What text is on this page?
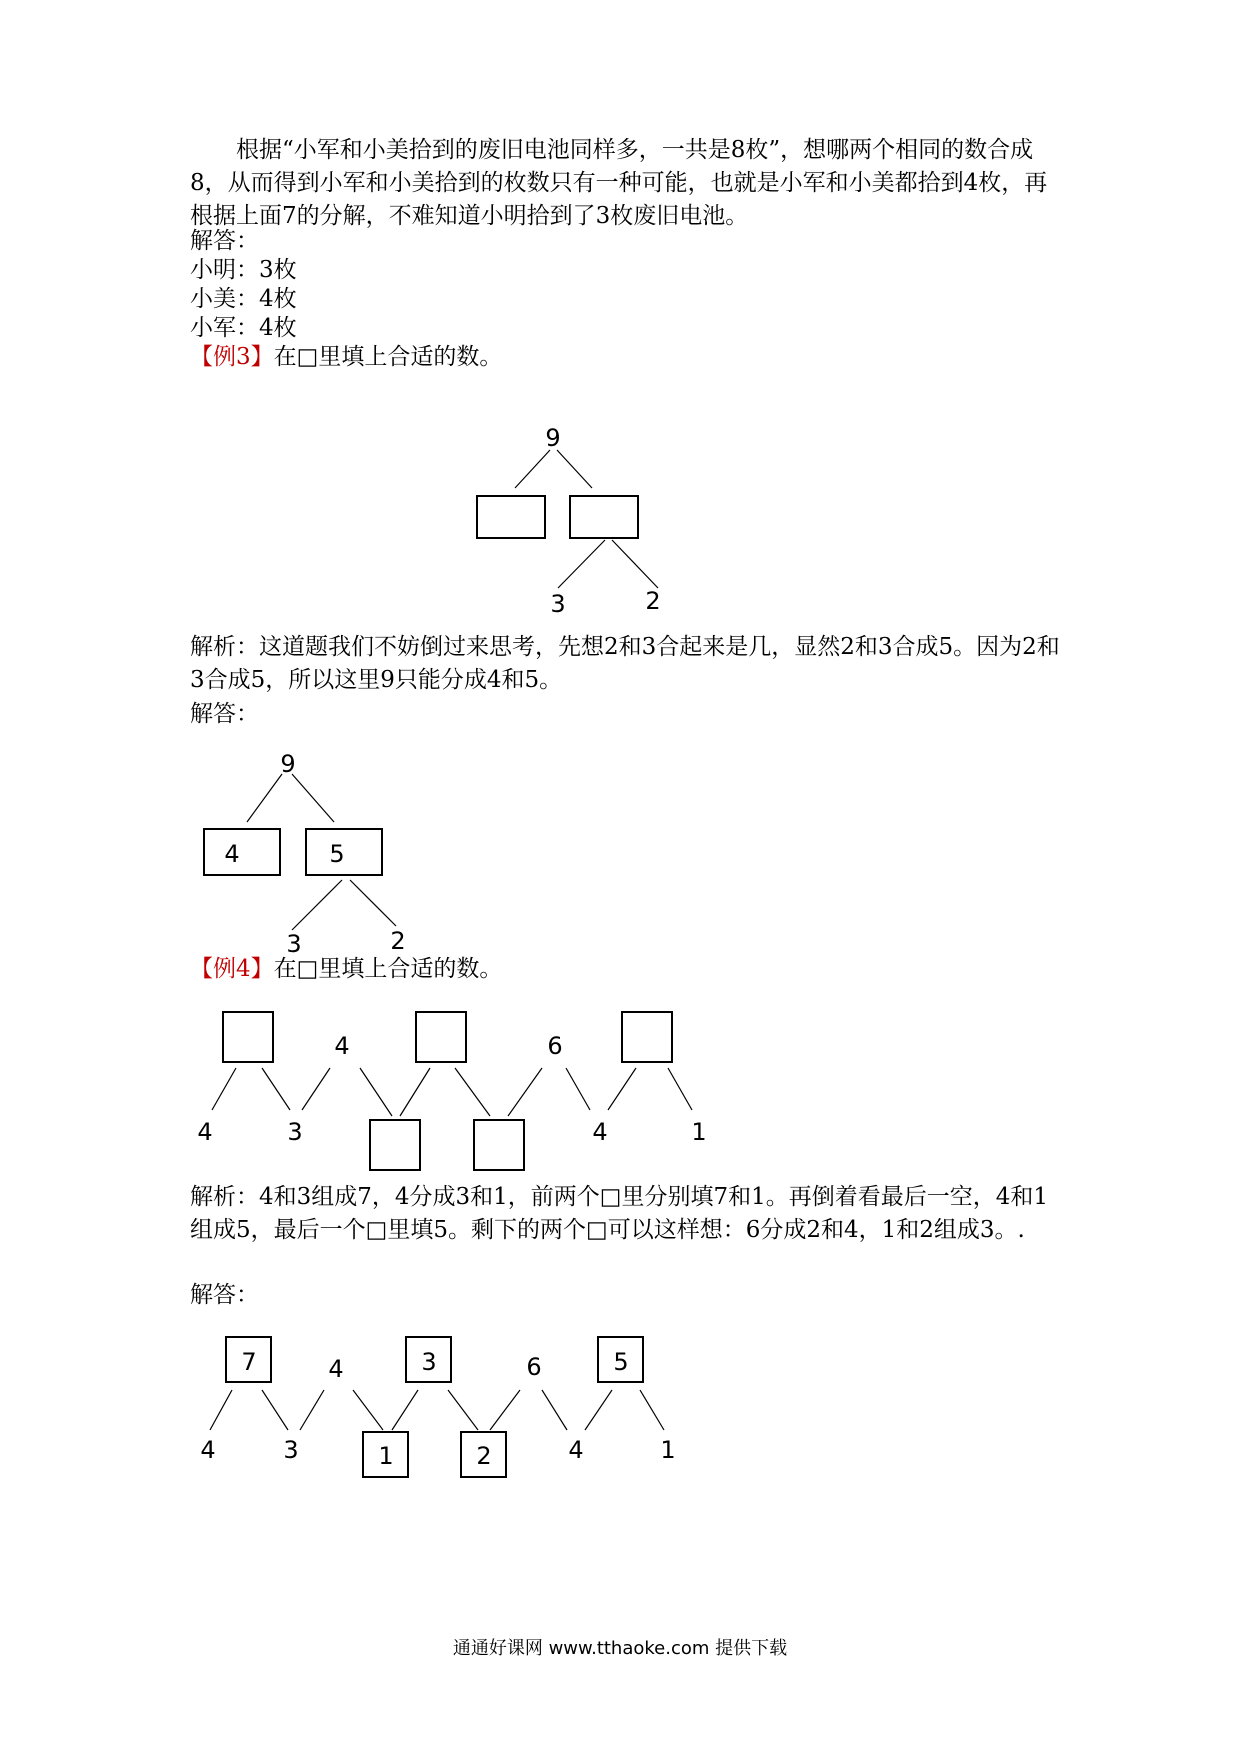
根据“小军和小美拾到的废旧电池同样多，一共是8枚”，想哪两个相同的数合成8，从而得到小军和小美拾到的枚数只有一种可能，也就是小军和小美都拾到4枚，再根据上面7的分解，不难知道小明拾到了3枚废旧电池。

解答：
小明：3枚
小美：4枚
小军：4枚
【例3】在□里填上合适的数。
9
3	2
9
4	5
3	2
4	6
4	3	4	1
7	4	3	6	5
4	3	1	2	4	1

解析：这道题我们不妨倒过来思考，先想2和3合起来是几，显然2和3合成5。因为2和3合成5，所以这里9只能分成4和5。

解答：
【例4】在□里填上合适的数。

解析：4和3组成7，4分成3和1，前两个□里分别填7和1。再倒着看最后一空，4和1组成5，最后一个□里填5。剩下的两个□可以这样想：6分成2和4，1和2组成3。.

解答：
通通好课网 www.tthaoke.com 提供下载
